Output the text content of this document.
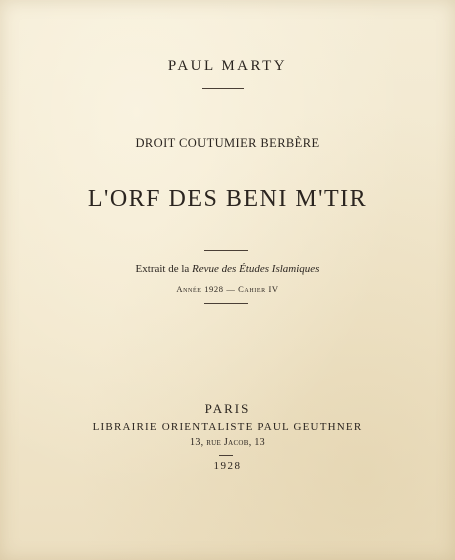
PAUL MARTY
DROIT COUTUMIER BERBÈRE
L'ORF DES BENI M'TIR
Extrait de la Revue des Études Islamiques
Année 1928 — Cahier IV
PARIS
LIBRAIRIE ORIENTALISTE PAUL GEUTHNER
13, rue Jacob, 13
1928
